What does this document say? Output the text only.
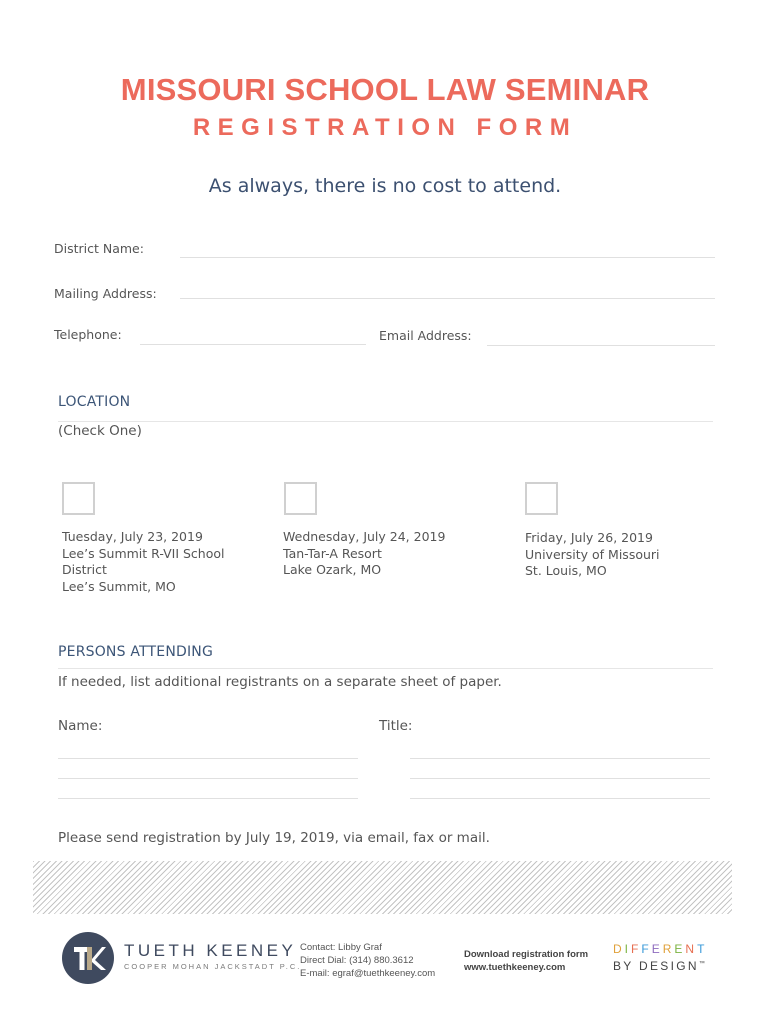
MISSOURI SCHOOL LAW SEMINAR
REGISTRATION FORM
As always, there is no cost to attend.
District Name:
Mailing Address:
Telephone:	Email Address:
LOCATION
(Check One)
Tuesday, July 23, 2019
Lee’s Summit R-VII School
District
Lee’s Summit, MO
Wednesday, July 24, 2019
Tan-Tar-A Resort
Lake Ozark, MO
Friday, July 26, 2019
University of Missouri
St. Louis, MO
PERSONS ATTENDING
If needed, list additional registrants on a separate sheet of paper.
Name:	Title:
Please send registration by July 19, 2019, via email, fax or mail.
TUETH KEENEY
COOPER MOHAN JACKSTADT P.C.
Contact: Libby Graf
Direct Dial: (314) 880.3612
E-mail: egraf@tuethkeeney.com
Download registration form
www.tuethkeeney.com
DIFFERENT
BY DESIGN™
